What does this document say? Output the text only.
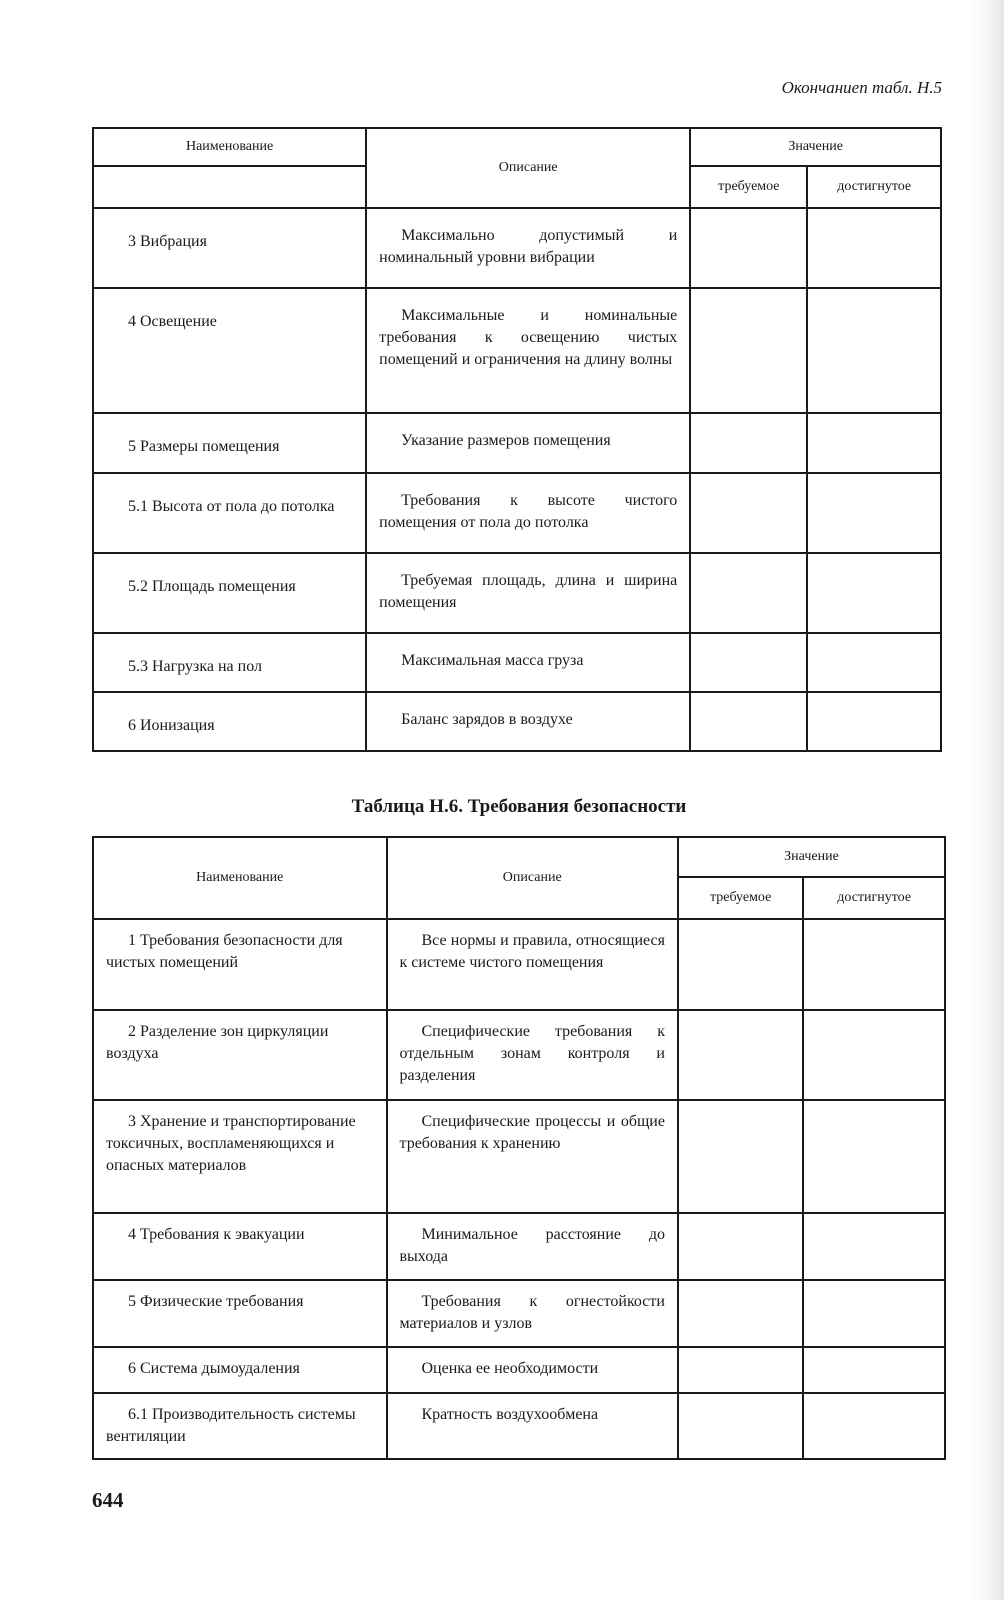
Окончаниеп табл. Н.5
Наименование	Описание	Значение	
		требуемое	достигнутое
3 Вибрация	Максимально допустимый и номинальный уровни вибрации		
4 Освещение	Максимальные и номинальные требования к освещению чистых помещений и ограничения на длину волны		
5 Размеры помещения	Указание размеров помещения		
5.1 Высота от пола до потолка	Требования к высоте чистого помещения от пола до потолка		
5.2 Площадь помещения	Требуемая площадь, длина и ширина помещения		
5.3 Нагрузка на пол	Максимальная масса груза		
6 Ионизация	Баланс зарядов в воздухе		
Таблица Н.6. Требования безопасности
Наименование	Описание	Значение	
		требуемое	достигнутое
1 Требования безопасности для чистых помещений	Все нормы и правила, относящиеся к системе чистого помещения		
2 Разделение зон циркуляции воздуха	Специфические требования к отдельным зонам контроля и разделения		
3 Хранение и транспортирование токсичных, воспламеняющихся и опасных материалов	Специфические процессы и общие требования к хранению		
4 Требования к эвакуации	Минимальное расстояние до выхода		
5 Физические требования	Требования к огнестойкости материалов и узлов		
6 Система дымоудаления	Оценка ее необходимости		
6.1 Производительность системы вентиляции	Кратность воздухообмена		
644
